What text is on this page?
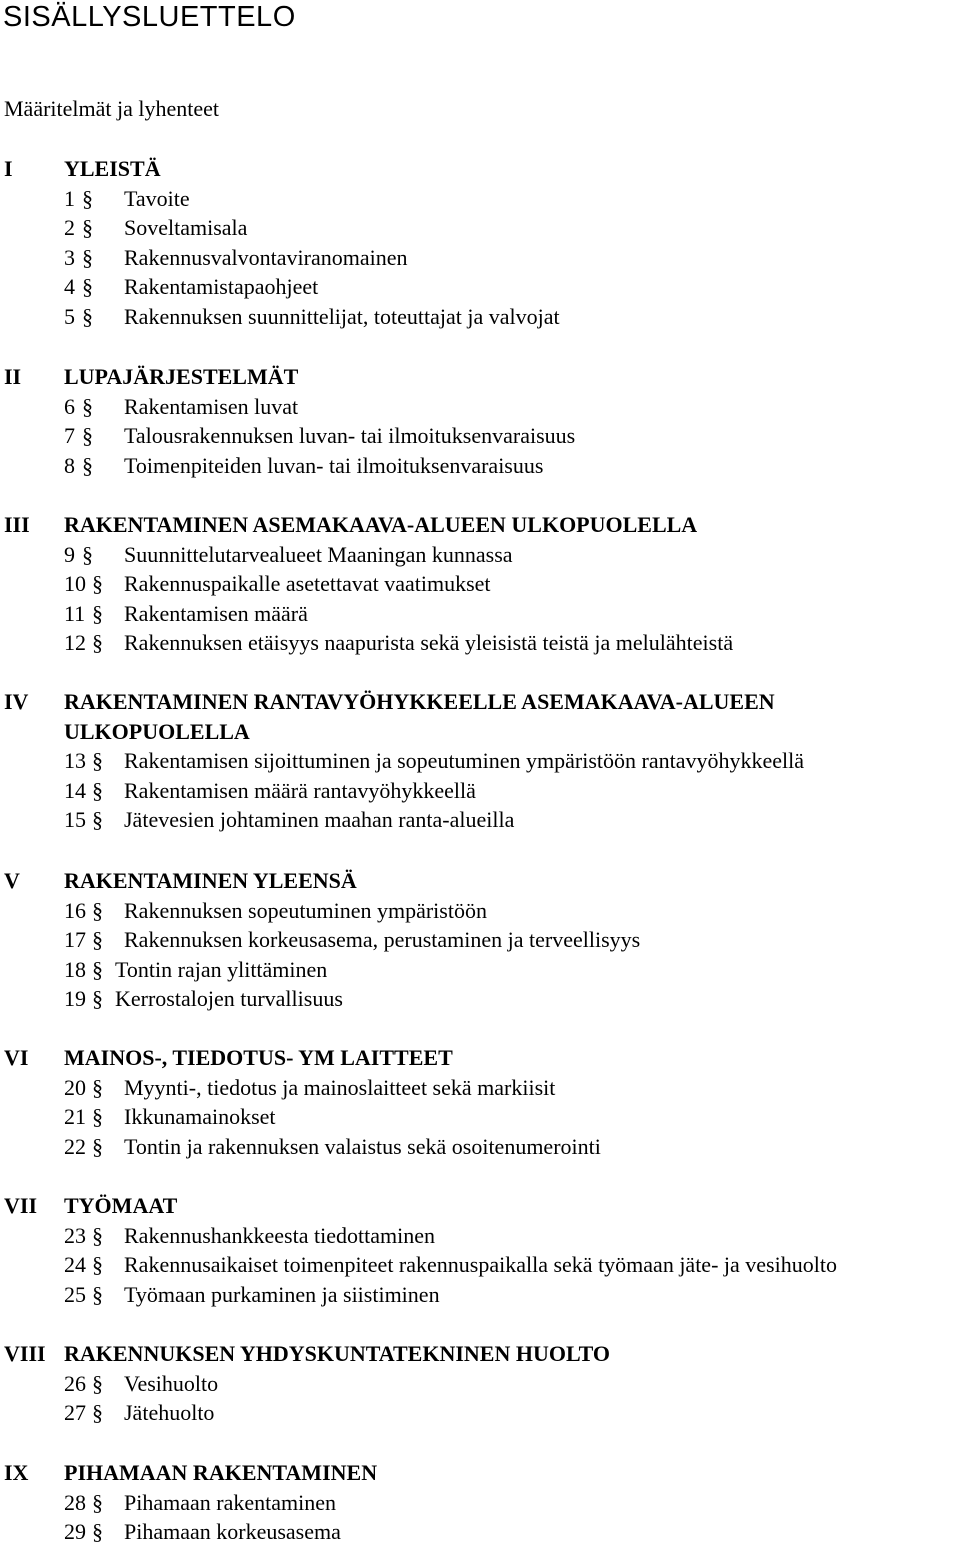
SISÄLLYSLUETTELO
Määritelmät ja lyhenteet
I YLEISTÄ
1 § Tavoite
2 § Soveltamisala
3 § Rakennusvalvontaviranomainen
4 § Rakentamistapaohjeet
5 § Rakennuksen suunnittelijat, toteuttajat ja valvojat
II LUPAJÄRJESTELMÄT
6 § Rakentamisen luvat
7 § Talousrakennuksen luvan- tai ilmoituksenvaraisuus
8 § Toimenpiteiden luvan- tai ilmoituksenvaraisuus
III RAKENTAMINEN ASEMAKAAVA-ALUEEN ULKOPUOLELLA
9 § Suunnittelutarvealueet Maaningan kunnassa
10 § Rakennuspaikalle asetettavat vaatimukset
11 § Rakentamisen määrä
12 § Rakennuksen etäisyys naapurista sekä yleisistä teistä ja melulähteistä
IV RAKENTAMINEN RANTAVYÖHYKKEELLE ASEMAKAAVA-ALUEEN ULKOPUOLELLA
13 § Rakentamisen sijoittuminen ja sopeutuminen ympäristöön rantavyöhykkeellä
14 § Rakentamisen määrä rantavyöhykkeellä
15 § Jätevesien johtaminen maahan ranta-alueilla
V RAKENTAMINEN YLEENSÄ
16 § Rakennuksen sopeutuminen ympäristöön
17 § Rakennuksen korkeusasema, perustaminen ja terveellisyys
18 § Tontin rajan ylittäminen
19 § Kerrostalojen turvallisuus
VI MAINOS-, TIEDOTUS- YM LAITTEET
20 § Myynti-, tiedotus ja mainoslaitteet sekä markiisit
21 § Ikkunamainokset
22 § Tontin ja rakennuksen valaistus sekä osoitenumerointi
VII TYÖMAAT
23 § Rakennushankkeesta tiedottaminen
24 § Rakennusaikaiset toimenpiteet rakennuspaikalla sekä työmaan jäte- ja vesihuolto
25 § Työmaan purkaminen ja siistiminen
VIII RAKENNUKSEN YHDYSKUNTATEKNINEN HUOLTO
26 § Vesihuolto
27 § Jätehuolto
IX PIHAMAAN RAKENTAMINEN
28 § Pihamaan rakentaminen
29 § Pihamaan korkeusasema
